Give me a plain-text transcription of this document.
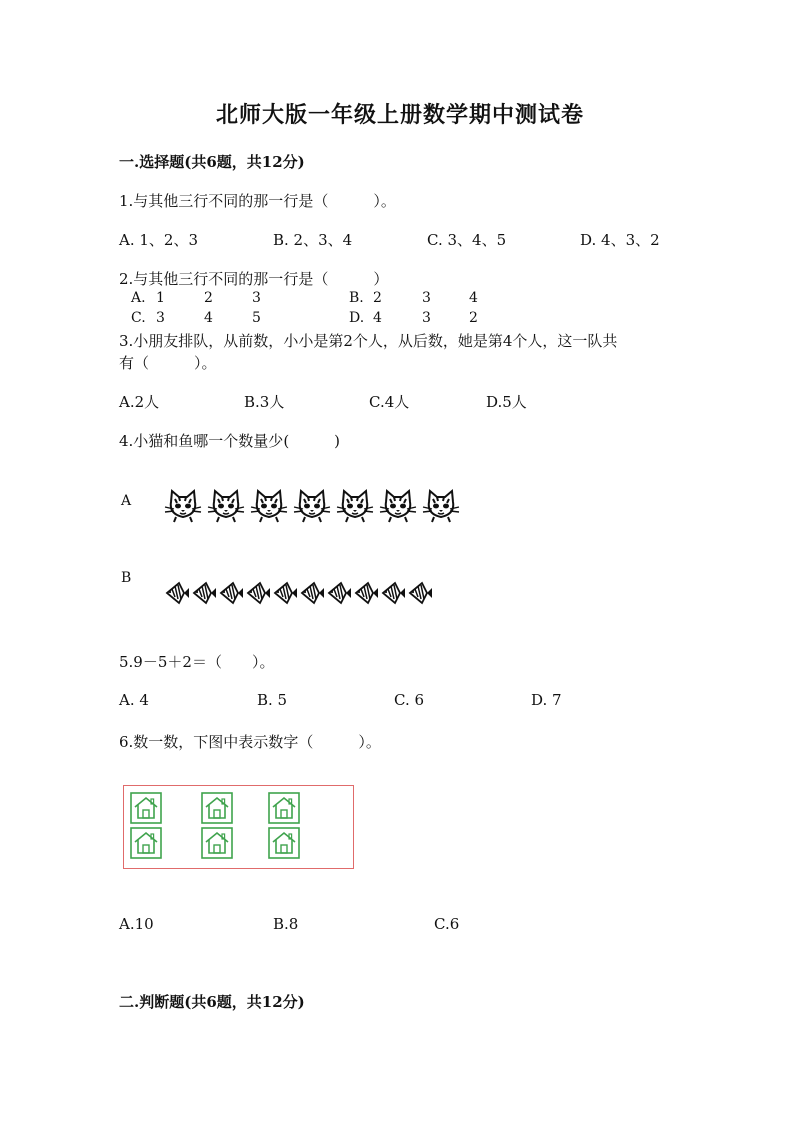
北师大版一年级上册数学期中测试卷
一.选择题(共6题，共12分)
1.与其他三行不同的那一行是（　　　）。
A. 1、2、3	B. 2、3、4	C. 3、4、5	D. 4、3、2
2.与其他三行不同的那一行是（　　　）
A. 1	2	3	B. 2	3	4
C. 3	4	5	D. 4	3	2
3.小朋友排队，从前数，小小是第2个人，从后数，她是第4个人，这一队共
有（　　　）。
A.2人	B.3人	C.4人	D.5人
4.小猫和鱼哪一个数量少(　　　)
A
B
5.9－5＋2＝（　　）。
A. 4	B. 5	C. 6	D. 7
6.数一数，下图中表示数字（　　　）。
A.10	B.8	C.6
二.判断题(共6题，共12分)
